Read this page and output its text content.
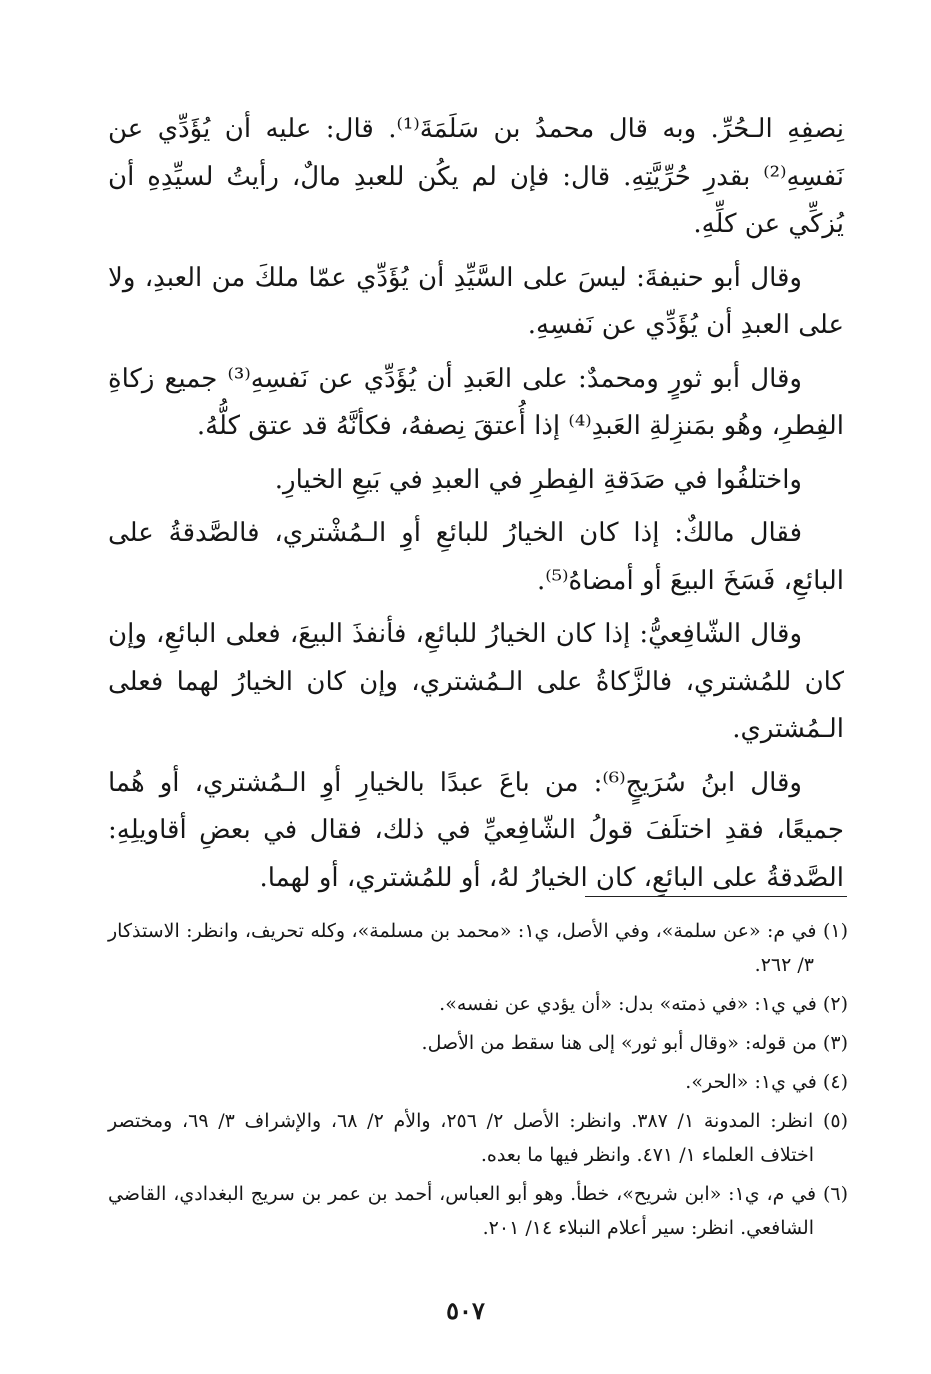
نِصفِهِ الـحُرِّ. وبه قال محمدُ بن سَلَمَةَ⁽¹⁾. قال: عليه أن يُؤَدِّي عن نَفسِهِ⁽²⁾ بقدرِ حُرِّيَّتِهِ. قال: فإن لم يكُن للعبدِ مالٌ، رأيتُ لسيِّدِهِ أن يُزكِّي عن كلِّهِ.

وقال أبو حنيفةَ: ليسَ على السَّيِّدِ أن يُؤَدِّي عمّا ملكَ من العبدِ، ولا على العبدِ أن يُؤَدِّي عن نَفسِهِ.

وقال أبو ثورٍ ومحمدٌ: على العَبدِ أن يُؤَدِّي عن نَفسِهِ⁽³⁾ جميع زكاةِ الفِطرِ، وهُو بمَنزِلةِ العَبدِ⁽⁴⁾ إذا أُعتقَ نِصفهُ، فكأنَّهُ قد عتق كلُّهُ.

واختلفُوا في صَدَقةِ الفِطرِ في العبدِ في بَيعِ الخيارِ.

فقال مالكٌ: إذا كان الخيارُ للبائعِ أوِ الـمُشْتري، فالصَّدقةُ على البائعِ، فَسَخَ البيعَ أو أمضاهُ⁽⁵⁾.

وقال الشّافِعيُّ: إذا كان الخيارُ للبائعِ، فأنفذَ البيعَ، فعلى البائعِ، وإن كان للمُشتري، فالزَّكاةُ على الـمُشتري، وإن كان الخيارُ لهما فعلى الـمُشتري.

وقال ابنُ سُرَيجٍ⁽⁶⁾: من باعَ عبدًا بالخيارِ أوِ الـمُشتري، أو هُما جميعًا، فقدِ اختلَفَ قولُ الشّافِعيِّ في ذلك، فقال في بعضِ أقاويلِهِ: الصَّدقةُ على البائعِ، كان الخيارُ لهُ، أو للمُشتري، أو لهما.

(١) في م: «عن سلمة»، وفي الأصل، ي١: «محمد بن مسلمة»، وكله تحريف، وانظر: الاستذكار ٣/ ٢٦٢.

(٢) في ي١: «في ذمته» بدل: «أن يؤدي عن نفسه».

(٣) من قوله: «وقال أبو ثور» إلى هنا سقط من الأصل.

(٤) في ي١: «الحر».

(٥) انظر: المدونة ١/ ٣٨٧. وانظر: الأصل ٢/ ٢٥٦، والأم ٢/ ٦٨، والإشراف ٣/ ٦٩، ومختصر اختلاف العلماء ١/ ٤٧١. وانظر فيها ما بعده.

(٦) في م، ي١: «ابن شريح»، خطأ. وهو أبو العباس، أحمد بن عمر بن سريج البغدادي، القاضي الشافعي. انظر: سير أعلام النبلاء ١٤/ ٢٠١.

٥٠٧
